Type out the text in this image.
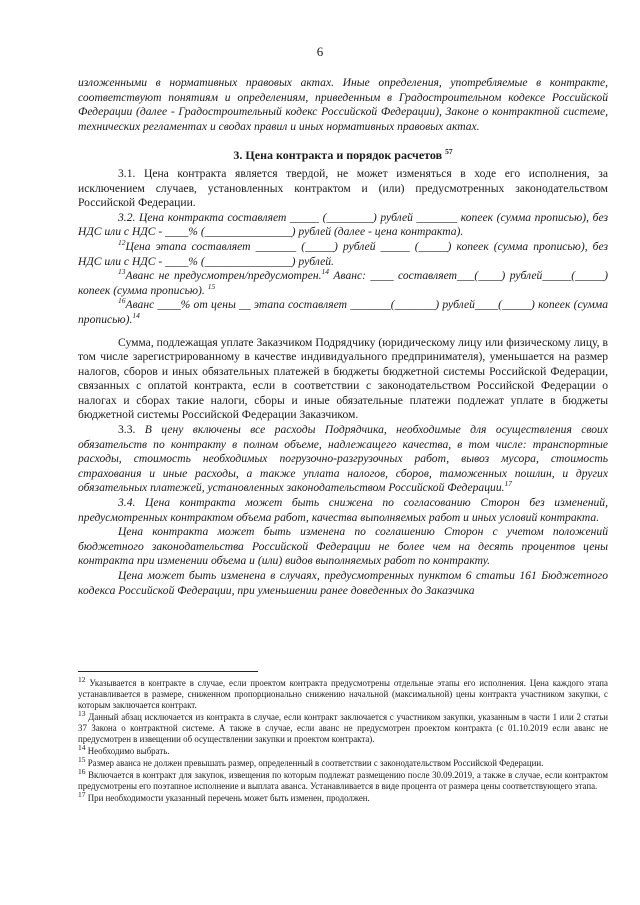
6

изложенными в нормативных правовых актах. Иные определения, употребляемые в контракте, соответствуют понятиям и определениям, приведенным в Градостроительном кодексе Российской Федерации (далее - Градостроительный кодекс Российской Федерации), Законе о контрактной системе, технических регламентах и сводах правил и иных нормативных правовых актах.

3. Цена контракта и порядок расчетов $^{57}$

3.1. Цена контракта является твердой, не может изменяться в ходе его исполнения, за исключением случаев, установленных контрактом и (или) предусмотренных законодательством Российской Федерации.

3.2. Цена контракта составляет _____ (________) рублей _______ копеек (сумма прописью), без НДС или с НДС - ____% (_______________) рублей (далее - цена контракта).

$^{12}$Цена этапа составляет _______ (_____) рублей _____ (_____) копеек (сумма прописью), без НДС или с НДС - ____% (_______________) рублей.

$^{13}$Аванс не предусмотрен/предусмотрен.$^{14}$ Аванс: ____ составляет___(____) рублей_____(_____) копеек (сумма прописью). $^{15}$

$^{16}$Аванс ____% от цены __ этапа составляет _______(_______) рублей____(_____) копеек (сумма прописью).$^{14}$

Сумма, подлежащая уплате Заказчиком Подрядчику (юридическому лицу или физическому лицу, в том числе зарегистрированному в качестве индивидуального предпринимателя), уменьшается на размер налогов, сборов и иных обязательных платежей в бюджеты бюджетной системы Российской Федерации, связанных с оплатой контракта, если в соответствии с законодательством Российской Федерации о налогах и сборах такие налоги, сборы и иные обязательные платежи подлежат уплате в бюджеты бюджетной системы Российской Федерации Заказчиком.

3.3. В цену включены все расходы Подрядчика, необходимые для осуществления своих обязательств по контракту в полном объеме, надлежащего качества, в том числе: транспортные расходы, стоимость необходимых погрузочно-разгрузочных работ, вывоз мусора, стоимость страхования и иные расходы, а также уплата налогов, сборов, таможенных пошлин, и других обязательных платежей, установленных законодательством Российской Федерации.$^{17}$

3.4. Цена контракта может быть снижена по согласованию Сторон без изменений, предусмотренных контрактом объема работ, качества выполняемых работ и иных условий контракта.

Цена контракта может быть изменена по соглашению Сторон с учетом положений бюджетного законодательства Российской Федерации не более чем на десять процентов цены контракта при изменении объема и (или) видов выполняемых работ по контракту.

Цена может быть изменена в случаях, предусмотренных пунктом 6 статьи 161 Бюджетного кодекса Российской Федерации, при уменьшении ранее доведенных до Заказчика

$^{12}$ Указывается в контракте в случае, если проектом контракта предусмотрены отдельные этапы его исполнения. Цена каждого этапа устанавливается в размере, сниженном пропорционально снижению начальной (максимальной) цены контракта участником закупки, с которым заключается контракт.

$^{13}$ Данный абзац исключается из контракта в случае, если контракт заключается с участником закупки, указанным в части 1 или 2 статьи 37 Закона о контрактной системе. А также в случае, если аванс не предусмотрен проектом контракта (с 01.10.2019 если аванс не предусмотрен в извещении об осуществлении закупки и проектом контракта).

$^{14}$ Необходимо выбрать.

$^{15}$ Размер аванса не должен превышать размер, определенный в соответствии с законодательством Российской Федерации.

$^{16}$ Включается в контракт для закупок, извещения по которым подлежат размещению после 30.09.2019, а также в случае, если контрактом предусмотрены его поэтапное исполнение и выплата аванса. Устанавливается в виде процента от размера цены соответствующего этапа.

$^{17}$ При необходимости указанный перечень может быть изменен, продолжен.
